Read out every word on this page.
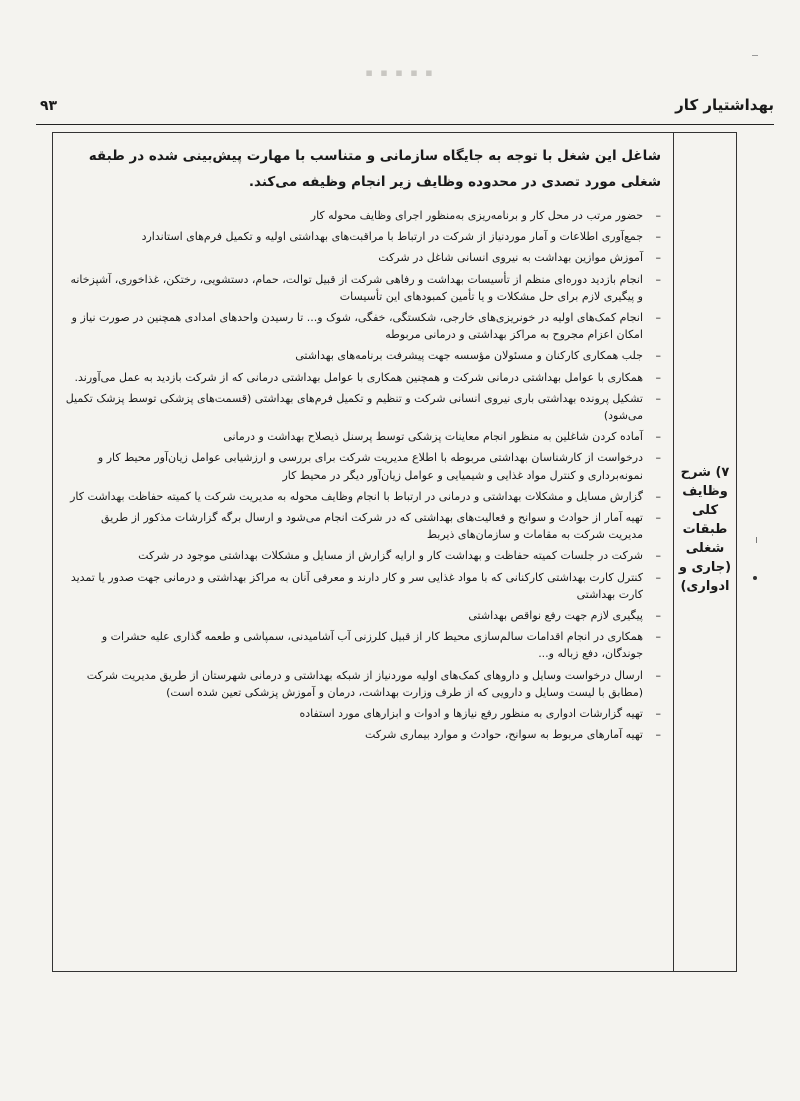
▪ ▪ ▪ ▪ ▪
بهداشتیار کار
۹۳
۷) شرح
وظایف
کلی
طبقات
شغلی
(جاری و
ادواری)

شاغل این شغل با توجه به جایگاه سازمانی و متناسب با مهارت پیش‌بینی شده در طبقه شغلی مورد تصدی در محدوده وظایف زیر انجام وظیفه می‌کند.

–
حضور مرتب در محل کار و برنامه‌ریزی به‌منظور اجرای وظایف محوله کار
–
جمع‌آوری اطلاعات و آمار موردنیاز از شرکت در ارتباط با مراقبت‌های بهداشتی اولیه و تکمیل فرم‌های استاندارد
–
آموزش موازین بهداشت به نیروی انسانی شاغل در شرکت
–
انجام بازدید دوره‌ای منظم از تأسیسات بهداشت و رفاهی شرکت از قبیل توالت، حمام، دستشویی، رختکن، غذاخوری، آشپزخانه و پیگیری لازم برای حل مشکلات و یا تأمین کمبودهای این تأسیسات
–
انجام کمک‌های اولیه در خونریزی‌های خارجی، شکستگی، خفگی، شوک و... تا رسیدن واحدهای امدادی همچنین در صورت نیاز و امکان اعزام مجروح به مراکز بهداشتی و درمانی مربوطه
–
جلب همکاری کارکنان و مسئولان مؤسسه جهت پیشرفت برنامه‌های بهداشتی
–
همکاری با عوامل بهداشتی درمانی شرکت و همچنین همکاری با عوامل بهداشتی درمانی که از شرکت بازدید به عمل می‌آورند.
–
تشکیل پرونده بهداشتی باری نیروی انسانی شرکت و تنظیم و تکمیل فرم‌های بهداشتی (قسمت‌های پزشکی توسط پزشک تکمیل می‌شود)
–
آماده کردن شاغلین به منظور انجام معاینات پزشکی توسط پرسنل ذیصلاح بهداشت و درمانی
–
درخواست از کارشناسان بهداشتی مربوطه با اطلاع مدیریت شرکت برای بررسی و ارزشیابی عوامل زیان‌آور محیط کار و نمونه‌برداری و کنترل مواد غذایی و شیمیایی و عوامل زیان‌آور دیگر در محیط کار
–
گزارش مسایل و مشکلات بهداشتی و درمانی در ارتباط با انجام وظایف محوله به مدیریت شرکت یا کمیته حفاظت بهداشت کار
–
تهیه آمار از حوادث و سوانح و فعالیت‌های بهداشتی که در شرکت انجام می‌شود و ارسال برگه گزارشات مذکور از طریق مدیریت شرکت به مقامات و سازمان‌های ذیربط
–
شرکت در جلسات کمیته حفاظت و بهداشت کار و ارایه گزارش از مسایل و مشکلات بهداشتی موجود در شرکت
–
کنترل کارت بهداشتی کارکنانی که با مواد غذایی سر و کار دارند و معرفی آنان به مراکز بهداشتی و درمانی جهت صدور یا تمدید کارت بهداشتی
–
پیگیری لازم جهت رفع نواقص بهداشتی
–
همکاری در انجام اقدامات سالم‌سازی محیط کار از قبیل کلرزنی آب آشامیدنی، سمپاشی و طعمه گذاری علیه حشرات و جوندگان، دفع زباله و...
–
ارسال درخواست وسایل و داروهای کمک‌های اولیه موردنیاز از شبکه بهداشتی و درمانی شهرستان از طریق مدیریت شرکت (مطابق با لیست وسایل و دارویی که از طرف وزارت بهداشت، درمان و آموزش پزشکی تعین شده است)
–
تهیه گزارشات ادواری به منظور رفع نیازها و ادوات و ابزارهای مورد استفاده
–
تهیه آمارهای مربوط به سوانح، حوادث و موارد بیماری شرکت
